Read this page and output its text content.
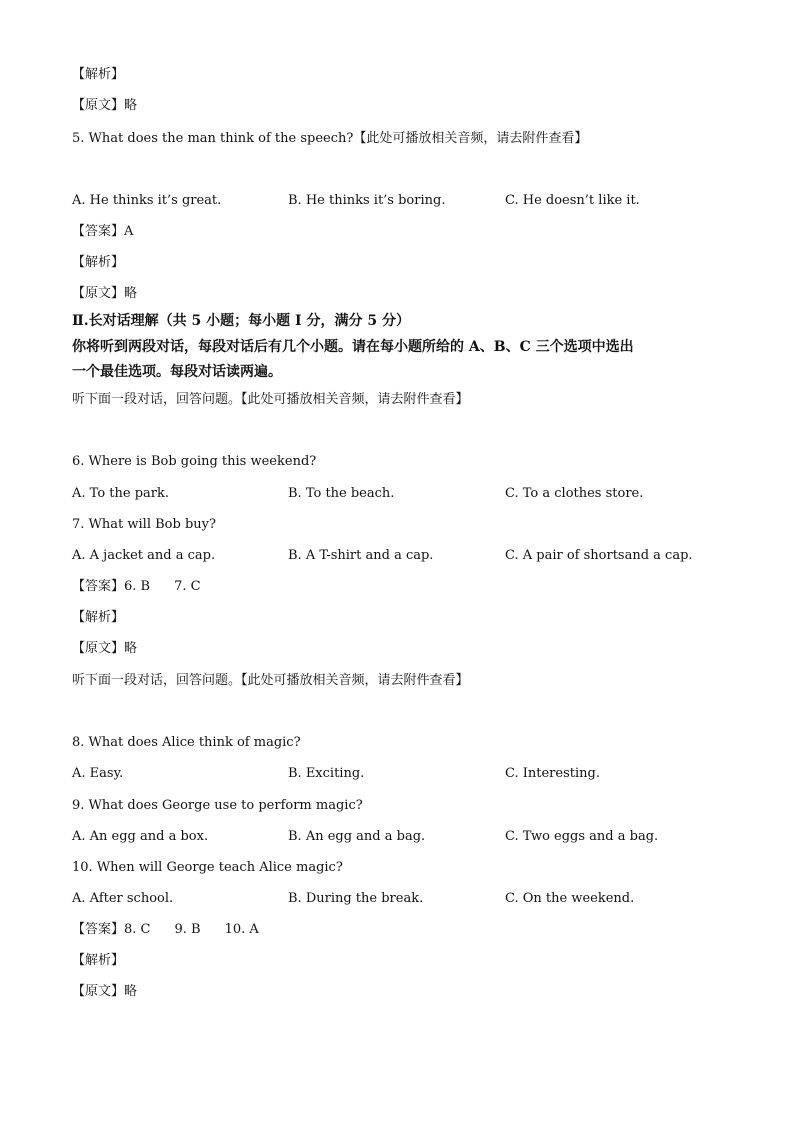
【解析】
【原文】略
5. What does the man think of the speech?【此处可播放相关音频，请去附件查看】
A. He thinks it’s great.	B. He thinks it’s boring.	C. He doesn’t like it.
【答案】A
【解析】
【原文】略
Ⅱ.长对话理解（共 5 小题；每小题 I 分，满分 5 分）
你将听到两段对话，每段对话后有几个小题。请在每小题所给的 A、B、C 三个选项中选出
一个最佳选项。每段对话读两遍。
听下面一段对话，回答问题。【此处可播放相关音频，请去附件查看】
6. Where is Bob going this weekend?
A. To the park.	B. To the beach.	C. To a clothes store.
7. What will Bob buy?
A. A jacket and a cap.	B. A T-shirt and a cap.	C. A pair of shortsand a cap.
【答案】6. B 7. C
【解析】
【原文】略
听下面一段对话，回答问题。【此处可播放相关音频，请去附件查看】
8. What does Alice think of magic?
A. Easy.	B. Exciting.	C. Interesting.
9. What does George use to perform magic?
A. An egg and a box.	B. An egg and a bag.	C. Two eggs and a bag.
10. When will George teach Alice magic?
A. After school.	B. During the break.	C. On the weekend.
【答案】8. C 9. B 10. A
【解析】
【原文】略
